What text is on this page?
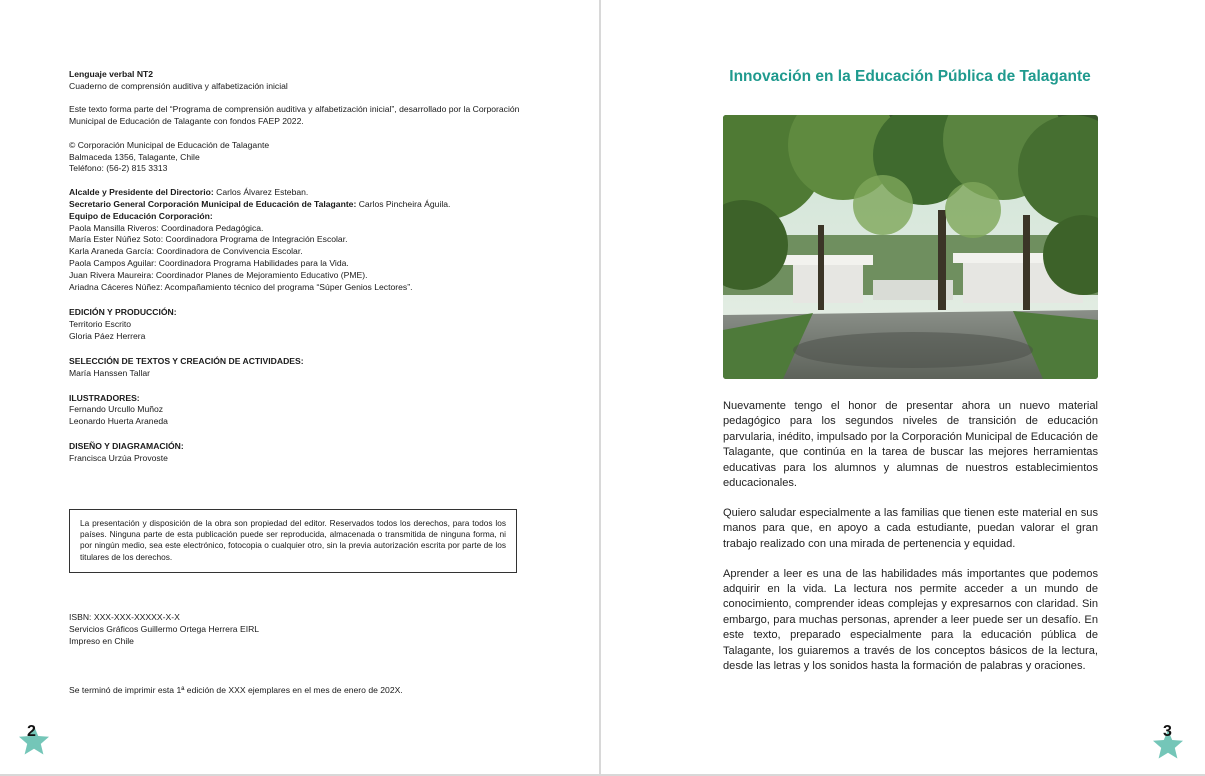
Lenguaje verbal NT2

Cuaderno de comprensión auditiva y alfabetización inicial

Este texto forma parte del “Programa de comprensión auditiva y alfabetización inicial”, desarrollado por la Corporación Municipal de Educación de Talagante con fondos FAEP 2022.

© Corporación Municipal de Educación de Talagante

Balmaceda 1356, Talagante, Chile

Teléfono: (56-2) 815 3313

Alcalde y Presidente del Directorio: Carlos Álvarez Esteban.

Secretario General Corporación Municipal de Educación de Talagante: Carlos Pincheira Águila.

Equipo de Educación Corporación:

Paola Mansilla Riveros: Coordinadora Pedagógica.

María Ester Núñez Soto: Coordinadora Programa de Integración Escolar.

Karla Araneda García: Coordinadora de Convivencia Escolar.

Paola Campos Aguilar: Coordinadora Programa Habilidades para la Vida.

Juan Rivera Maureira: Coordinador Planes de Mejoramiento Educativo (PME).

Ariadna Cáceres Núñez: Acompañamiento técnico del programa “Súper Genios Lectores”.

EDICIÓN Y PRODUCCIÓN:

Territorio Escrito

Gloria Páez Herrera

SELECCIÓN DE TEXTOS Y CREACIÓN DE ACTIVIDADES:

María Hanssen Tallar

ILUSTRADORES:

Fernando Urcullo Muñoz

Leonardo Huerta Araneda

DISEÑO Y DIAGRAMACIÓN:

Francisca Urzúa Provoste

La presentación y disposición de la obra son propiedad del editor. Reservados todos los derechos, para todos los países. Ninguna parte de esta publicación puede ser reproducida, almacenada o transmitida de ninguna forma, ni por ningún medio, sea este electrónico, fotocopia o cualquier otro, sin la previa autorización escrita por parte de los titulares de los derechos.

ISBN: XXX-XXX-XXXXX-X-X

Servicios Gráficos Guillermo Ortega Herrera EIRL

Impreso en Chile

Se terminó de imprimir esta 1ª edición de XXX ejemplares en el mes de enero de 202X.
2
Innovación en la Educación Pública de Talagante

Nuevamente tengo el honor de presentar ahora un nuevo material pedagógico para los segundos niveles de transición de educación parvularia, inédito, impulsado por la Corporación Municipal de Educación de Talagante, que continúa en la tarea de buscar las mejores herramientas educativas para los alumnos y alumnas de nuestros establecimientos educacionales.

Quiero saludar especialmente a las familias que tienen este material en sus manos para que, en apoyo a cada estudiante, puedan valorar el gran trabajo realizado con una mirada de pertenencia y equidad.

Aprender a leer es una de las habilidades más importantes que podemos adquirir en la vida. La lectura nos permite acceder a un mundo de conocimiento, comprender ideas complejas y expresarnos con claridad. Sin embargo, para muchas personas, aprender a leer puede ser un desafío. En este texto, preparado especialmente para la educación pública de Talagante, los guiaremos a través de los conceptos básicos de la lectura, desde las letras y los sonidos hasta la formación de palabras y oraciones.

3
